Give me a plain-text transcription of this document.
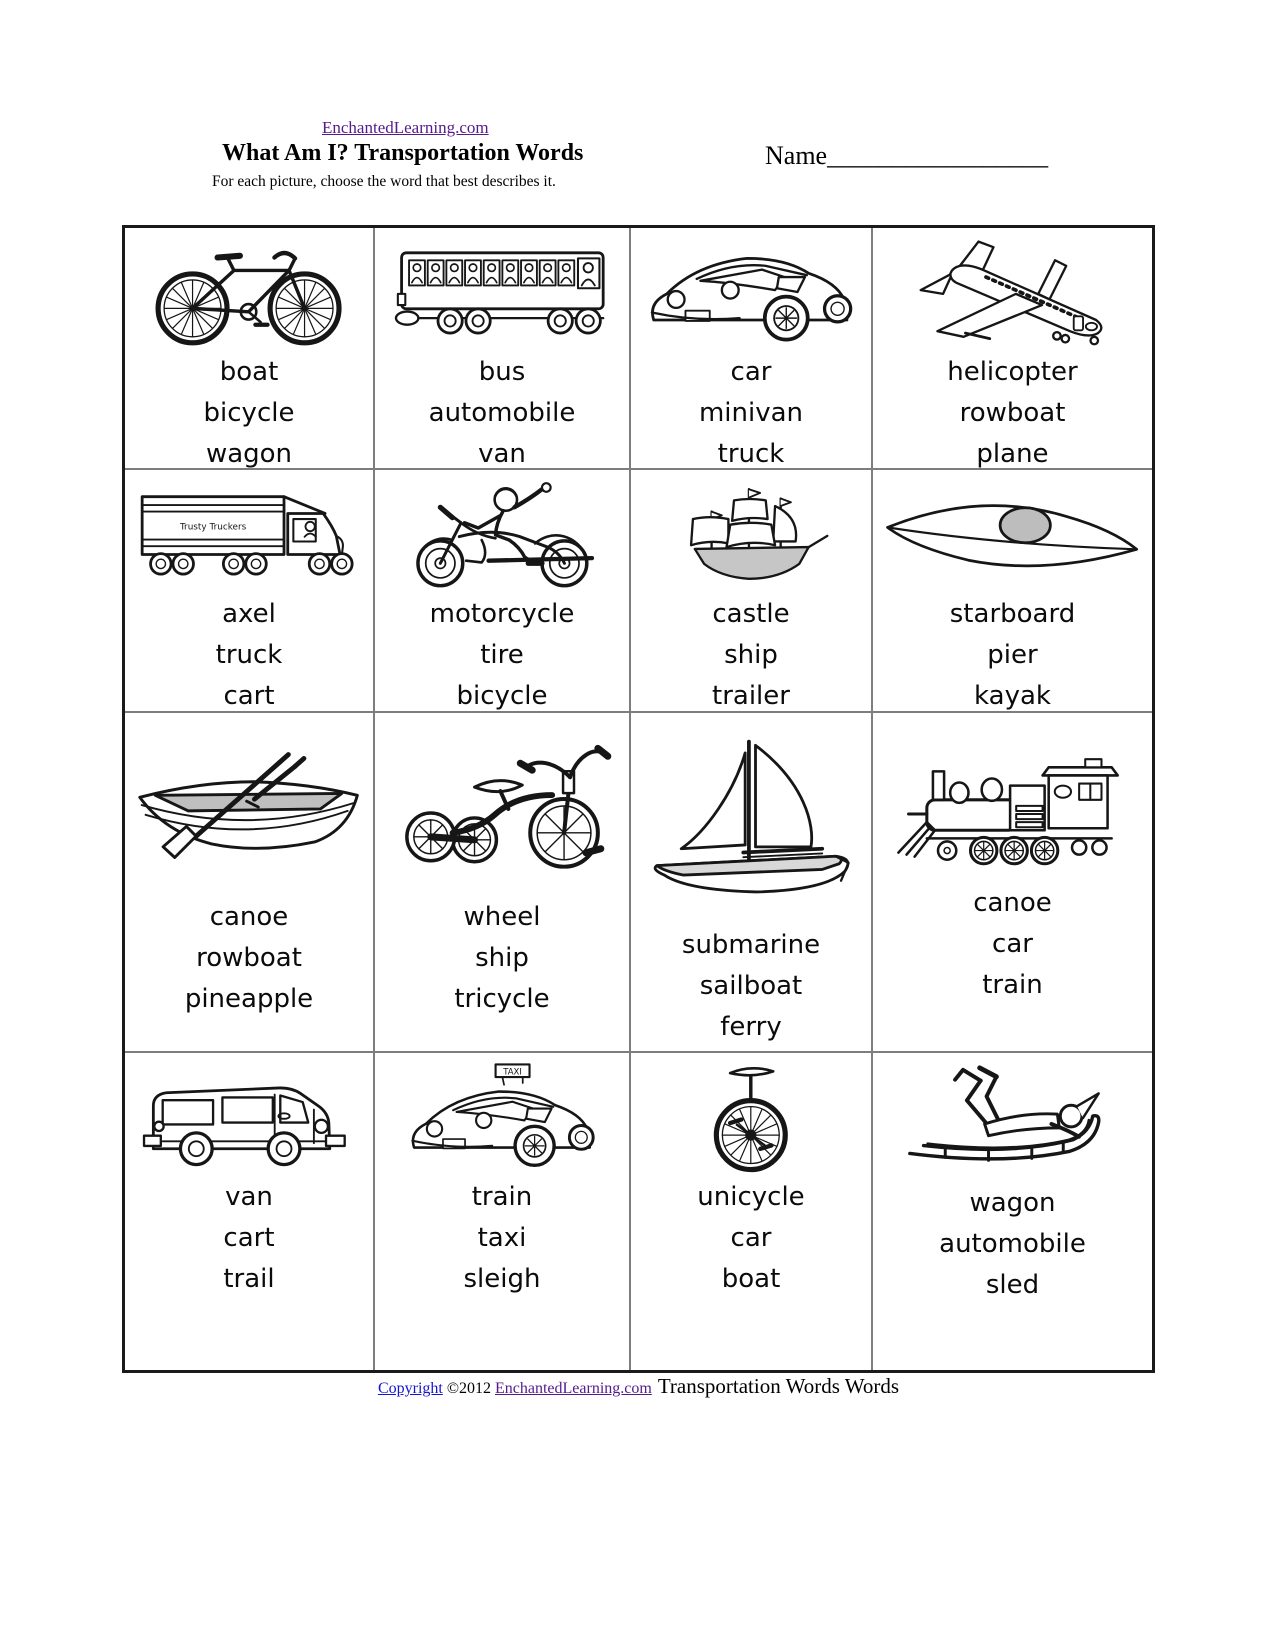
EnchantedLearning.com
What Am I? Transportation Words
For each picture, choose the word that best describes it.
Name_________________
boat
bicycle
wagon
bus
automobile
van
car
minivan
truck
helicopter
rowboat
plane
axel
truck
cart
motorcycle
tire
bicycle
castle
ship
trailer
starboard
pier
kayak
canoe
rowboat
pineapple
wheel
ship
tricycle
submarine
sailboat
ferry
canoe
car
train
van
cart
trail
train
taxi
sleigh
unicycle
car
boat
wagon
automobile
sled
Copyright ©2012 EnchantedLearning.com Transportation Words Words
